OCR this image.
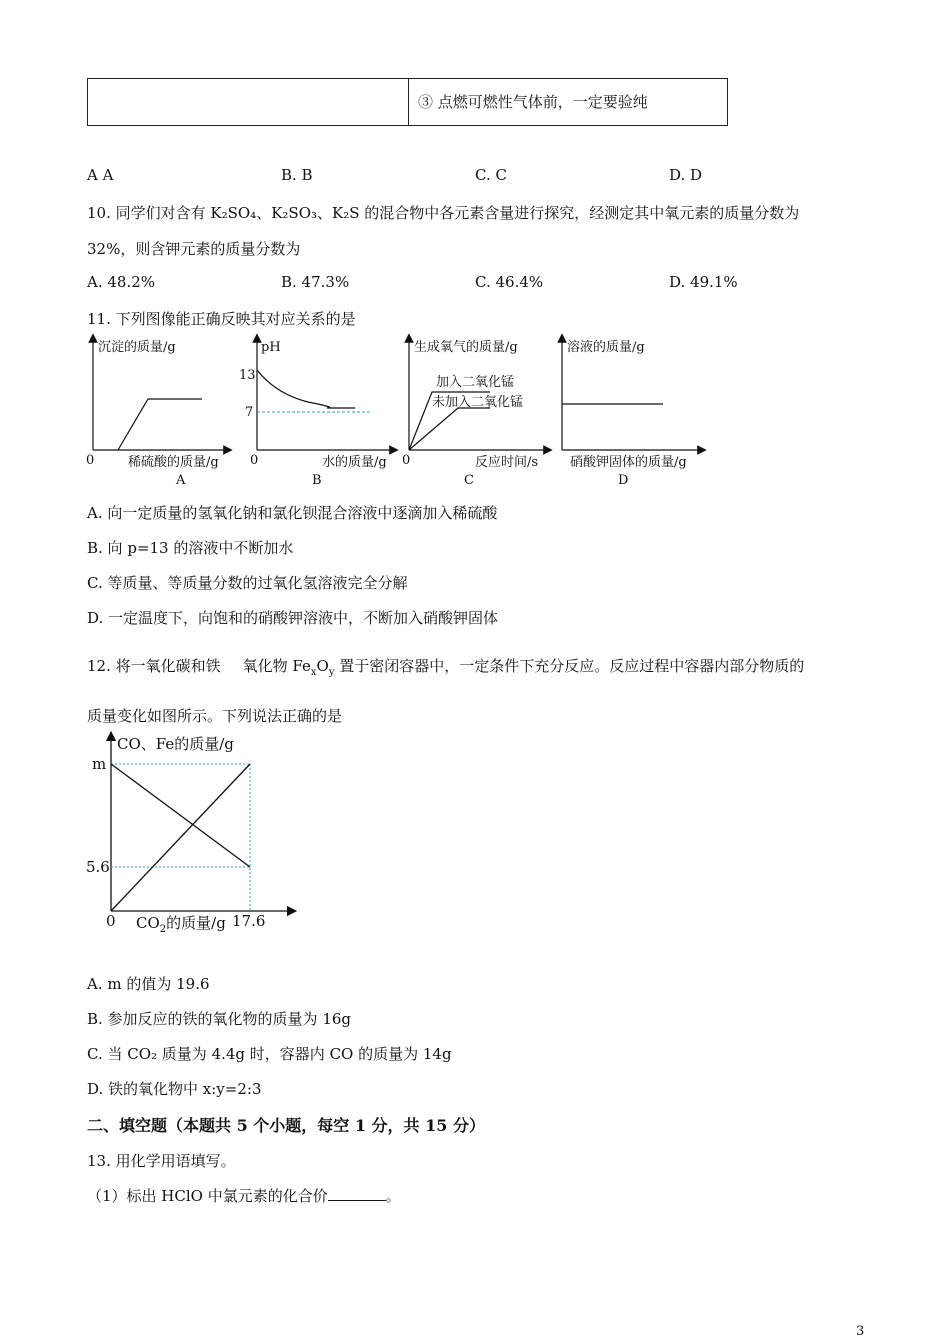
③ 点燃可燃性气体前，一定要验纯
A A	B. B	C. C	D. D
10. 同学们对含有 K₂SO₄、K₂SO₃、K₂S 的混合物中各元素含量进行探究，经测定其中氧元素的质量分数为
32%，则含钾元素的质量分数为
A. 48.2%	B. 47.3%	C. 46.4%	D. 49.1%
11. 下列图像能正确反映其对应关系的是
沉淀的质量/g
0	稀硫酸的质量/g
A
pH
13
7
0	水的质量/g
B
生成氧气的质量/g
加入二氧化锰
未加入二氧化锰
0	反应时间/s
C
溶液的质量/g
硝酸钾固体的质量/g
D
A. 向一定质量的氢氧化钠和氯化钡混合溶液中逐滴加入稀硫酸
B. 向 p=13 的溶液中不断加水
C. 等质量、等质量分数的过氧化氢溶液完全分解
D. 一定温度下，向饱和的硝酸钾溶液中，不断加入硝酸钾固体
12. 将一氧化碳和铁 氧化物 $Fe_xO_y$ 置于密闭容器中，一定条件下充分反应。反应过程中容器内部分物质的
质量变化如图所示。下列说法正确的是
CO、Fe的质量/g
m
5.6
0 $CO_2$的质量/g 17.6
A. m 的值为 19.6
B. 参加反应的铁的氧化物的质量为 16g
C. 当 CO₂ 质量为 4.4g 时，容器内 CO 的质量为 14g
D. 铁的氧化物中 x:y=2:3
二、填空题（本题共 5 个小题，每空 1 分，共 15 分）
13. 用化学用语填写。
（1）标出 HClO 中氯元素的化合价	。
3
